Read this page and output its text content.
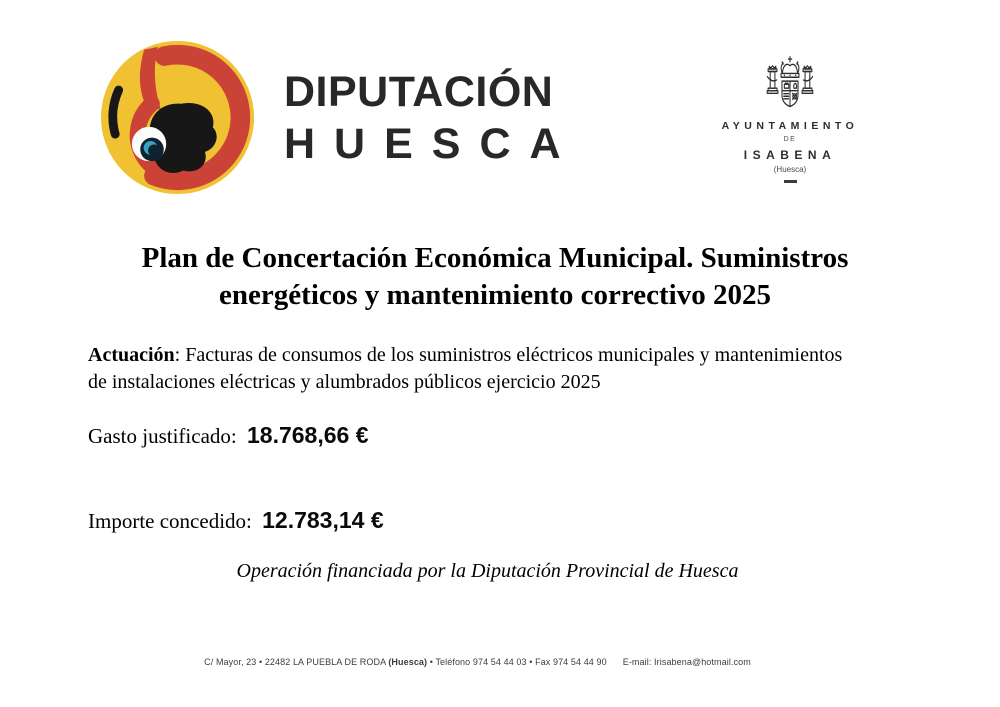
DIPUTACIÓN
HUESCA	AYUNTAMIENTO
DE
ISABENA
(Huesca)
Plan de Concertación Económica Municipal. Suministros
energéticos y mantenimiento correctivo 2025

Actuación: Facturas de consumos de los suministros eléctricos municipales y mantenimientos
de instalaciones eléctricas y alumbrados públicos ejercicio 2025

Gasto justificado: 18.768,66 €

Importe concedido: 12.783,14 €

Operación financiada por la Diputación Provincial de Huesca

C/ Mayor, 23 • 22482 LA PUEBLA DE RODA (Huesca) • Teléfono 974 54 44 03 • Fax 974 54 44 90 E-mail: Irisabena@hotmail.com
